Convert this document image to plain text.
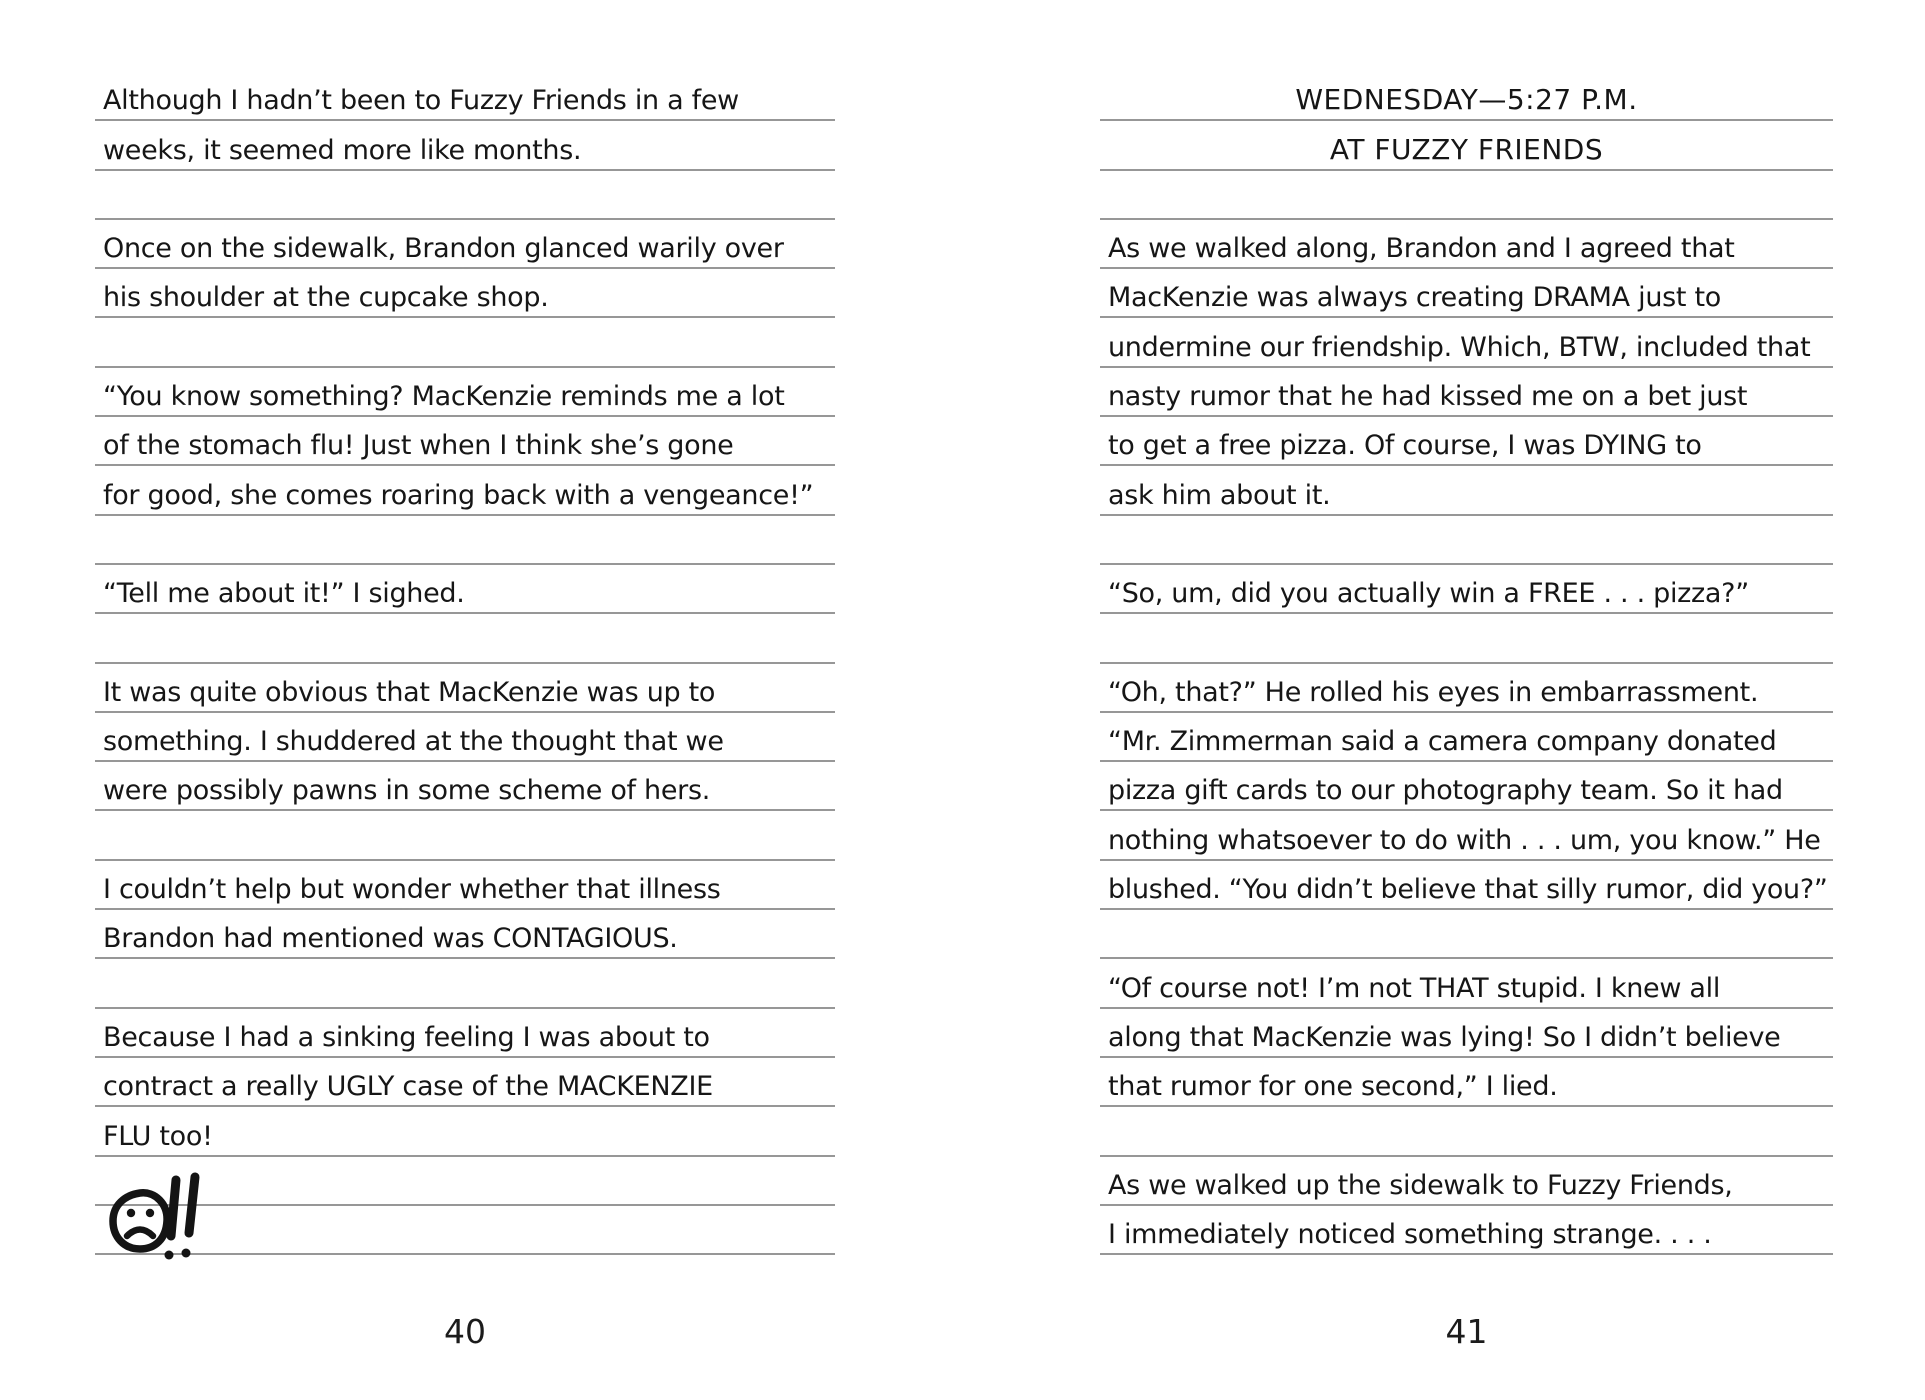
Although I hadn’t been to Fuzzy Friends in a few
weeks, it seemed more like months.
Once on the sidewalk, Brandon glanced warily over
his shoulder at the cupcake shop.
“You know something? MacKenzie reminds me a lot
of the stomach flu! Just when I think she’s gone
for good, she comes roaring back with a vengeance!”
“Tell me about it!” I sighed.
It was quite obvious that MacKenzie was up to
something. I shuddered at the thought that we
were possibly pawns in some scheme of hers.
I couldn’t help but wonder whether that illness
Brandon had mentioned was CONTAGIOUS.
Because I had a sinking feeling I was about to
contract a really UGLY case of the MACKENZIE
FLU too!
WEDNESDAY—5:27 P.M.
AT FUZZY FRIENDS
As we walked along, Brandon and I agreed that
MacKenzie was always creating DRAMA just to
undermine our friendship. Which, BTW, included that
nasty rumor that he had kissed me on a bet just
to get a free pizza. Of course, I was DYING to
ask him about it.
“So, um, did you actually win a FREE . . . pizza?”
“Oh, that?” He rolled his eyes in embarrassment.
“Mr. Zimmerman said a camera company donated
pizza gift cards to our photography team. So it had
nothing whatsoever to do with . . . um, you know.” He
blushed. “You didn’t believe that silly rumor, did you?”
“Of course not! I’m not THAT stupid. I knew all
along that MacKenzie was lying! So I didn’t believe
that rumor for one second,” I lied.
As we walked up the sidewalk to Fuzzy Friends,
I immediately noticed something strange. . . .
40	41
